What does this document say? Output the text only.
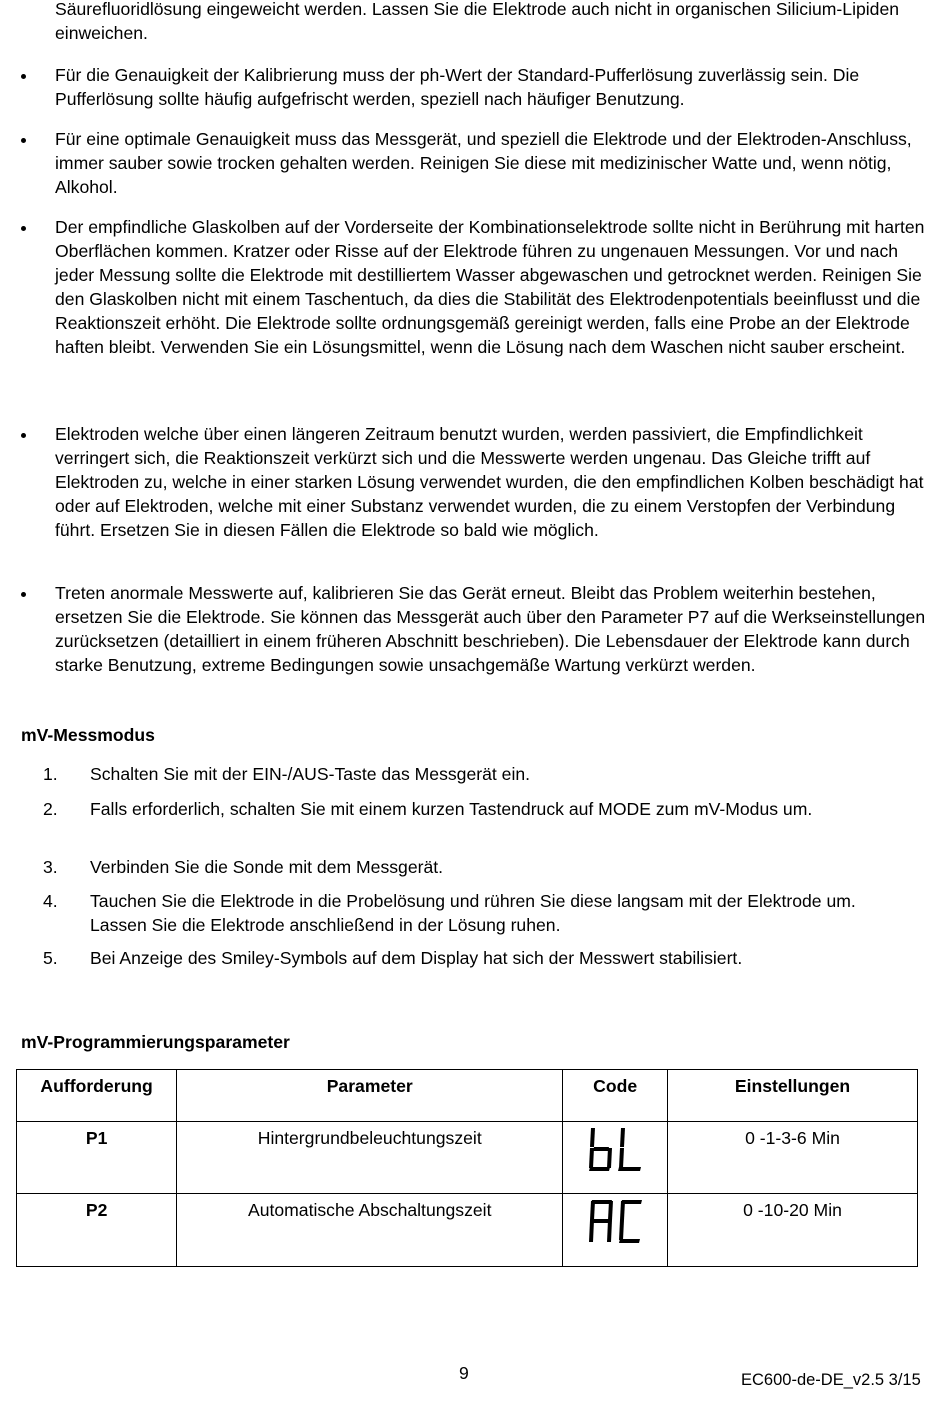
Säurefluoridlösung eingeweicht werden. Lassen Sie die Elektrode auch nicht in organischen Silicium-Lipiden einweichen.

Für die Genauigkeit der Kalibrierung muss der ph-Wert der Standard-Pufferlösung zuverlässig sein. Die Pufferlösung sollte häufig aufgefrischt werden, speziell nach häufiger Benutzung.
Für eine optimale Genauigkeit muss das Messgerät, und speziell die Elektrode und der Elektroden-Anschluss, immer sauber sowie trocken gehalten werden. Reinigen Sie diese mit medizinischer Watte und, wenn nötig, Alkohol.
Der empfindliche Glaskolben auf der Vorderseite der Kombinationselektrode sollte nicht in Berührung mit harten Oberflächen kommen. Kratzer oder Risse auf der Elektrode führen zu ungenauen Messungen. Vor und nach jeder Messung sollte die Elektrode mit destilliertem Wasser abgewaschen und getrocknet werden. Reinigen Sie den Glaskolben nicht mit einem Taschentuch, da dies die Stabilität des Elektrodenpotentials beeinflusst und die Reaktionszeit erhöht. Die Elektrode sollte ordnungsgemäß gereinigt werden, falls eine Probe an der Elektrode haften bleibt. Verwenden Sie ein Lösungsmittel, wenn die Lösung nach dem Waschen nicht sauber erscheint.
Elektroden welche über einen längeren Zeitraum benutzt wurden, werden passiviert, die Empfindlichkeit verringert sich, die Reaktionszeit verkürzt sich und die Messwerte werden ungenau. Das Gleiche trifft auf Elektroden zu, welche in einer starken Lösung verwendet wurden, die den empfindlichen Kolben beschädigt hat oder auf Elektroden, welche mit einer Substanz verwendet wurden, die zu einem Verstopfen der Verbindung führt. Ersetzen Sie in diesen Fällen die Elektrode so bald wie möglich.
Treten anormale Messwerte auf, kalibrieren Sie das Gerät erneut. Bleibt das Problem weiterhin bestehen, ersetzen Sie die Elektrode. Sie können das Messgerät auch über den Parameter P7 auf die Werkseinstellungen zurücksetzen (detailliert in einem früheren Abschnitt beschrieben). Die Lebensdauer der Elektrode kann durch starke Benutzung, extreme Bedingungen sowie unsachgemäße Wartung verkürzt werden.
mV-Messmodus
1. Schalten Sie mit der EIN-/AUS-Taste das Messgerät ein.
2. Falls erforderlich, schalten Sie mit einem kurzen Tastendruck auf MODE zum mV-Modus um.
3. Verbinden Sie die Sonde mit dem Messgerät.
4. Tauchen Sie die Elektrode in die Probelösung und rühren Sie diese langsam mit der Elektrode um. Lassen Sie die Elektrode anschließend in der Lösung ruhen.
5. Bei Anzeige des Smiley-Symbols auf dem Display hat sich der Messwert stabilisiert.
mV-Programmierungsparameter
Aufforderung	Parameter	Code	Einstellungen
P1	Hintergrundbeleuchtungszeit		0 -1-3-6 Min
P2	Automatische Abschaltungszeit		0 -10-20 Min
9	EC600-de-DE_v2.5 3/15
